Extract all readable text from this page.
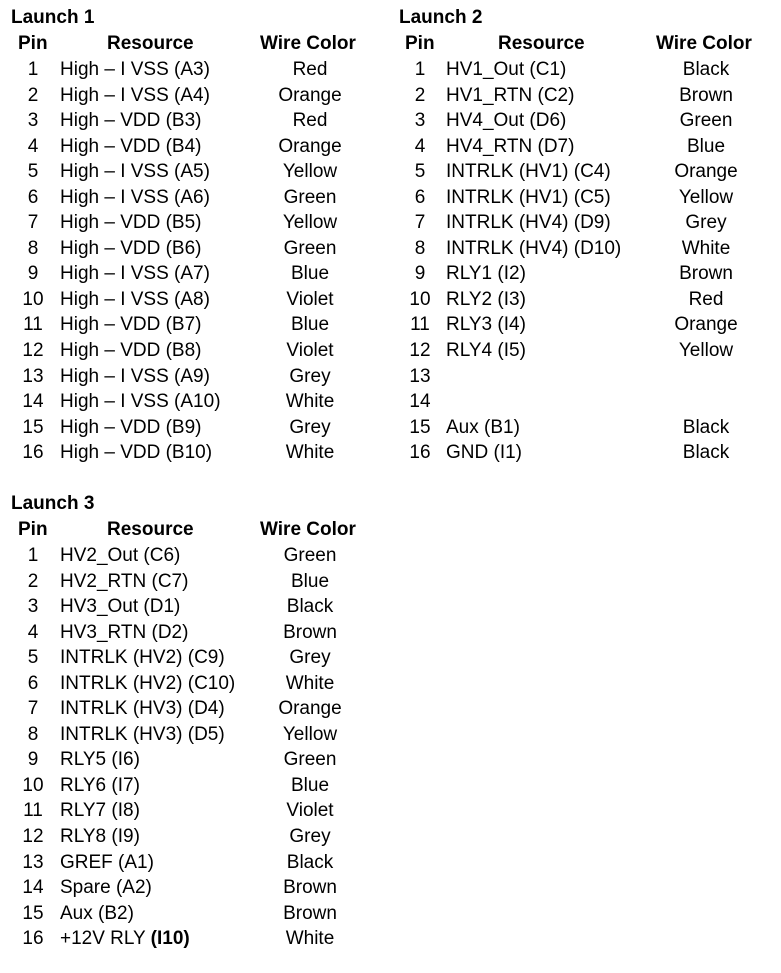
Launch 1
Pin	Resource	Wire Color
1	High – I VSS (A3)	Red
2	High – I VSS (A4)	Orange
3	High – VDD (B3)	Red
4	High – VDD (B4)	Orange
5	High – I VSS (A5)	Yellow
6	High – I VSS (A6)	Green
7	High – VDD (B5)	Yellow
8	High – VDD (B6)	Green
9	High – I VSS (A7)	Blue
10 High – I VSS (A8)	Violet
11 High – VDD (B7)	Blue
12 High – VDD (B8)	Violet
13 High – I VSS (A9)	Grey
14 High – I VSS (A10)	White
15 High – VDD (B9)	Grey
16 High – VDD (B10)	White
Launch 2
Pin	Resource	Wire Color
1	HV1_Out (C1)	Black
2	HV1_RTN (C2)	Brown
3	HV4_Out (D6)	Green
4	HV4_RTN (D7)	Blue
5	INTRLK (HV1) (C4)	Orange
6	INTRLK (HV1) (C5)	Yellow
7	INTRLK (HV4) (D9)	Grey
8	INTRLK (HV4) (D10)	White
9	RLY1 (I2)	Brown
10 RLY2 (I3)	Red
11 RLY3 (I4)	Orange
12 RLY4 (I5)	Yellow
13
14
15 Aux (B1)	Black
16 GND (I1)	Black
Launch 3
Pin	Resource	Wire Color
1	HV2_Out (C6)	Green
2	HV2_RTN (C7)	Blue
3	HV3_Out (D1)	Black
4	HV3_RTN (D2)	Brown
5	INTRLK (HV2) (C9)	Grey
6	INTRLK (HV2) (C10)	White
7	INTRLK (HV3) (D4)	Orange
8	INTRLK (HV3) (D5)	Yellow
9	RLY5 (I6)	Green
10 RLY6 (I7)	Blue
11 RLY7 (I8)	Violet
12 RLY8 (I9)	Grey
13 GREF (A1)	Black
14 Spare (A2)	Brown
15 Aux (B2)	Brown
16 +12V RLY (I10)	White
